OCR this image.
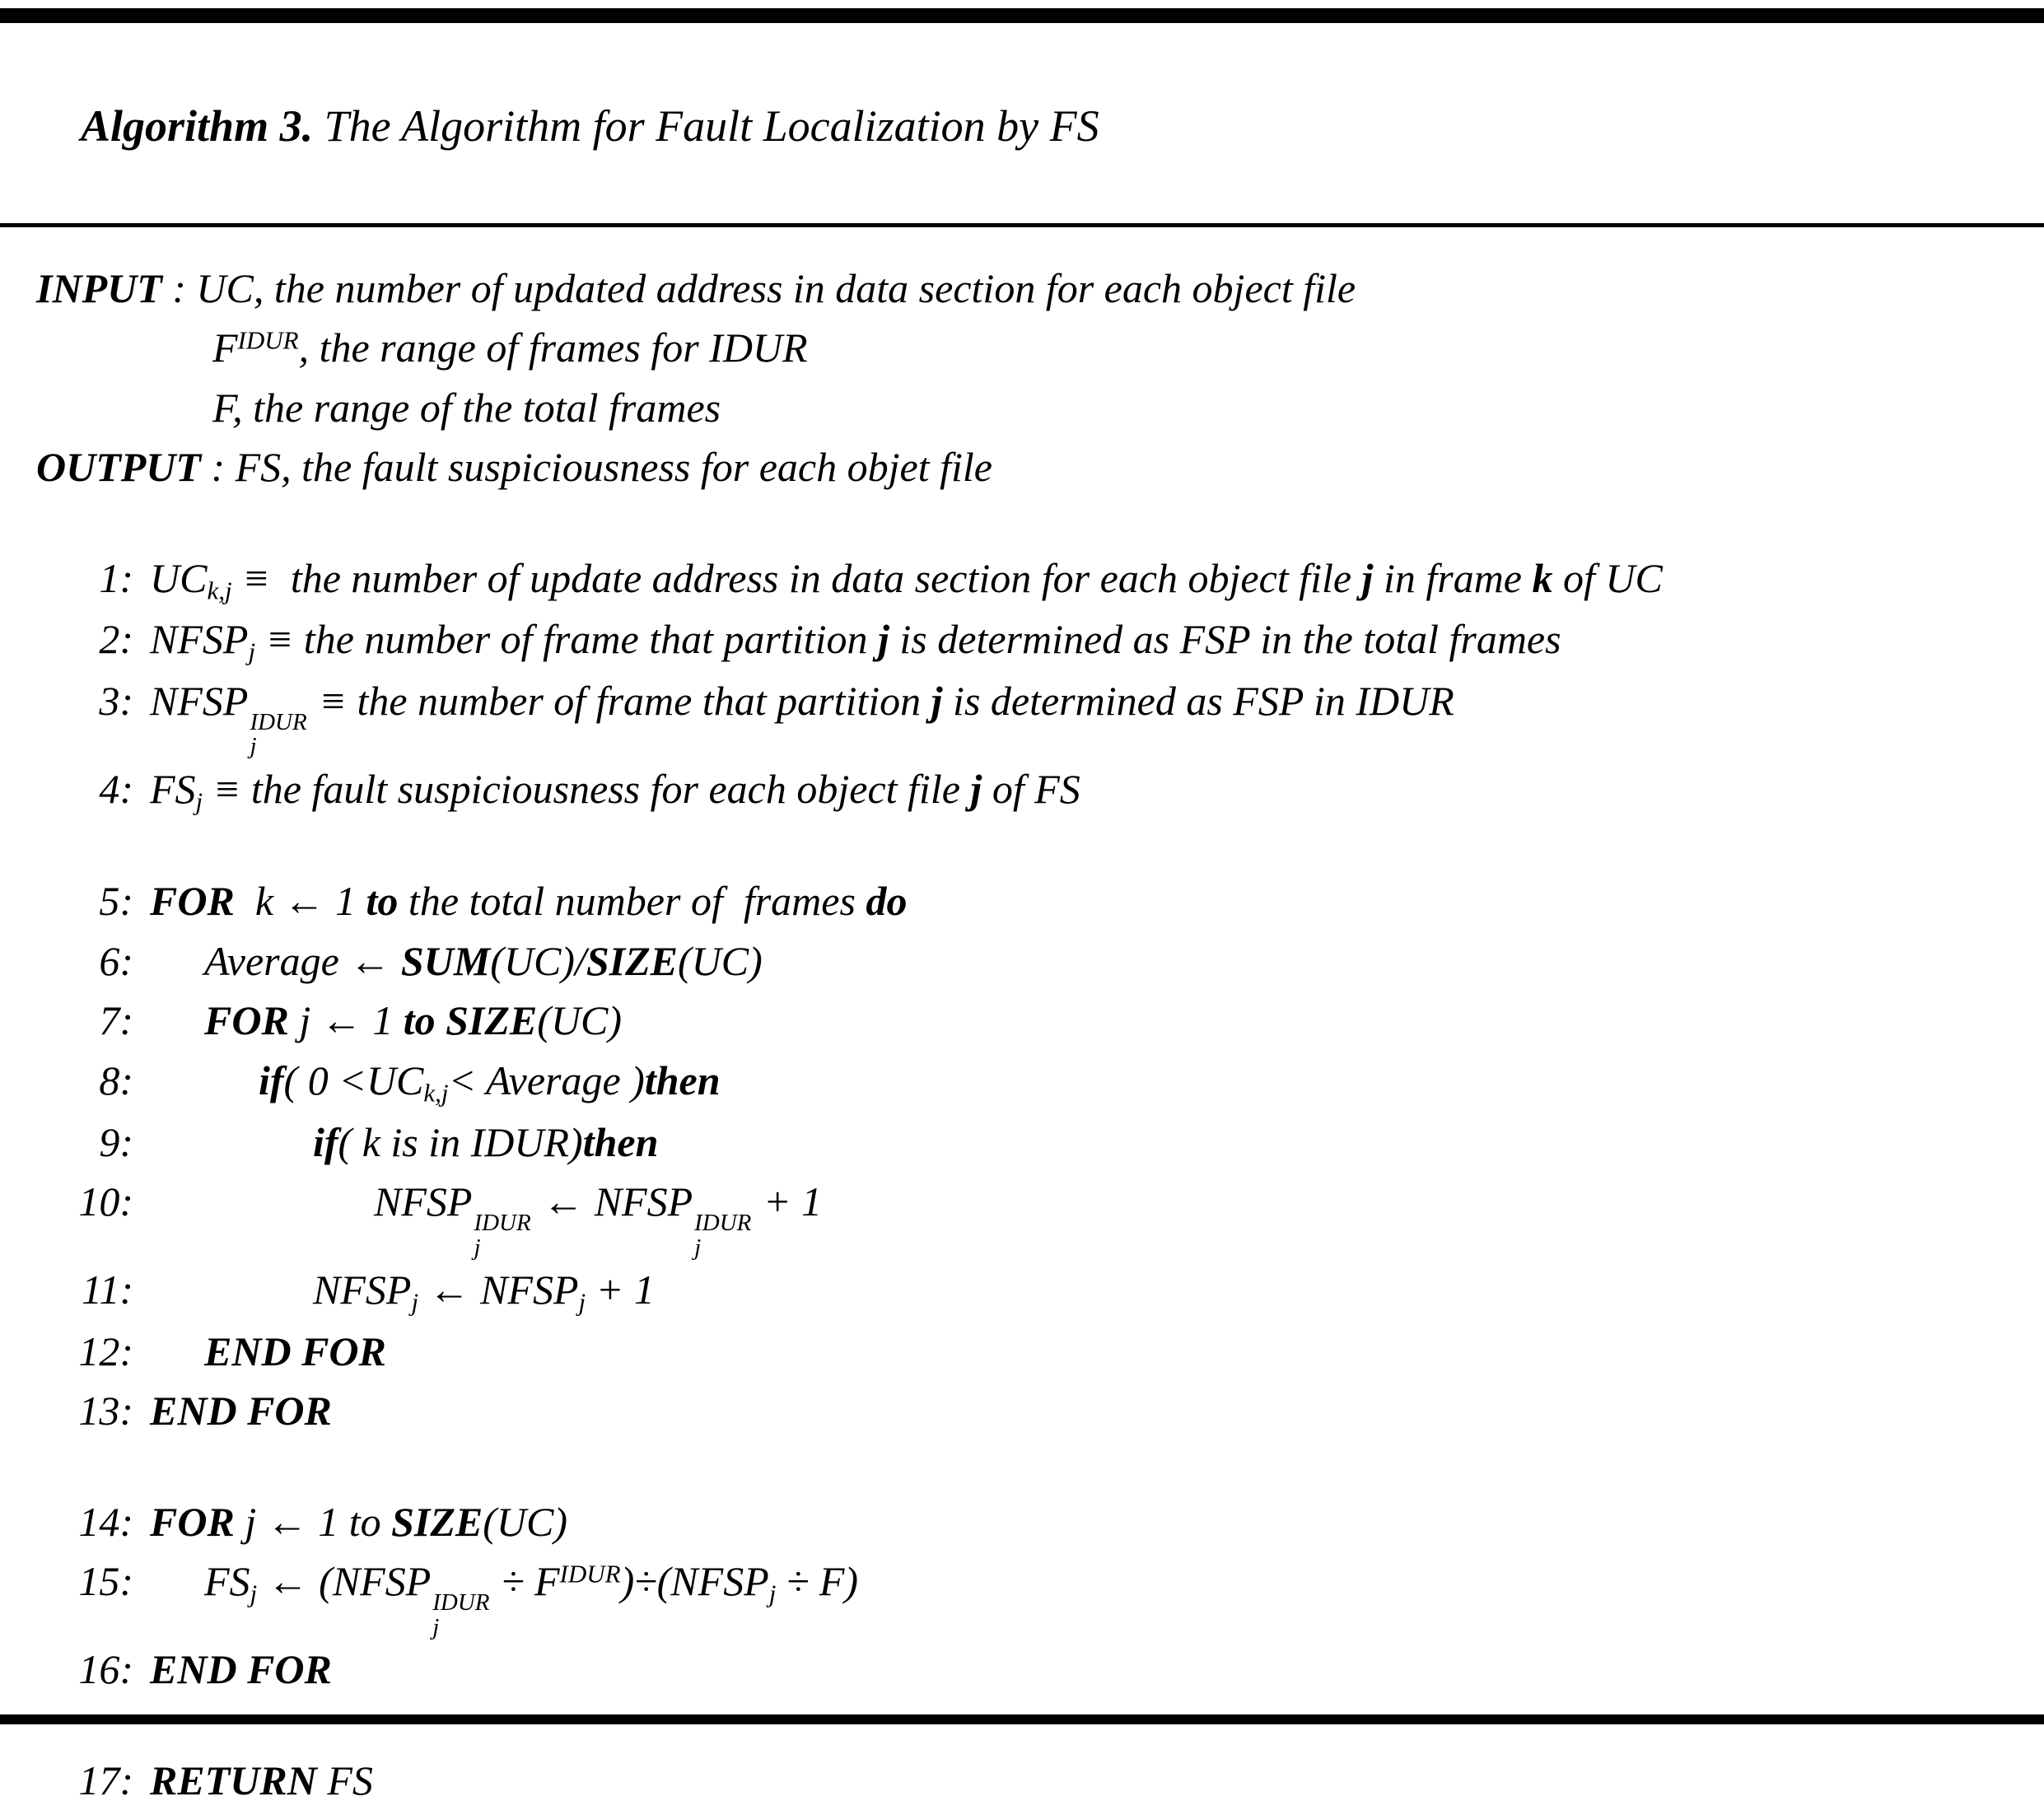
Algorithm 3. The Algorithm for Fault Localization by FS

INPUT : UC, the number of updated address in data section for each object file
$F^{IDUR}$, the range of frames for IDUR
F, the range of the total frames
OUTPUT : FS, the fault suspiciousness for each objet file
1: UCk,j ≡  the number of update address in data section for each object file j in frame k of UC
2: NFSPj ≡ the number of frame that partition j is determined as FSP in the total frames
3: NFSP IDUR
j
≡ the number of frame that partition j is determined as FSP in IDUR
4: FSj ≡ the fault suspiciousness for each object file j of FS
5: FOR  k ← 1 to the total number of  frames do
6: Average ← SUM(UC)/SIZE(UC)
7: FOR j ← 1 to SIZE(UC)
8:	if( 0 <UCk,j< Average )then
9:	if( k is in IDUR)then
10:	NFSP IDUR
j
← NFSP IDUR
j
+ 1
11:	NFSPj ← NFSPj + 1
12: END FOR
13: END FOR
14: FOR j ← 1 to SIZE(UC)
15: FSj ← (NFSP IDUR
j
÷ $F^{IDUR})\div(NFSPj \div F)$
16: END FOR
17: RETURN FS
